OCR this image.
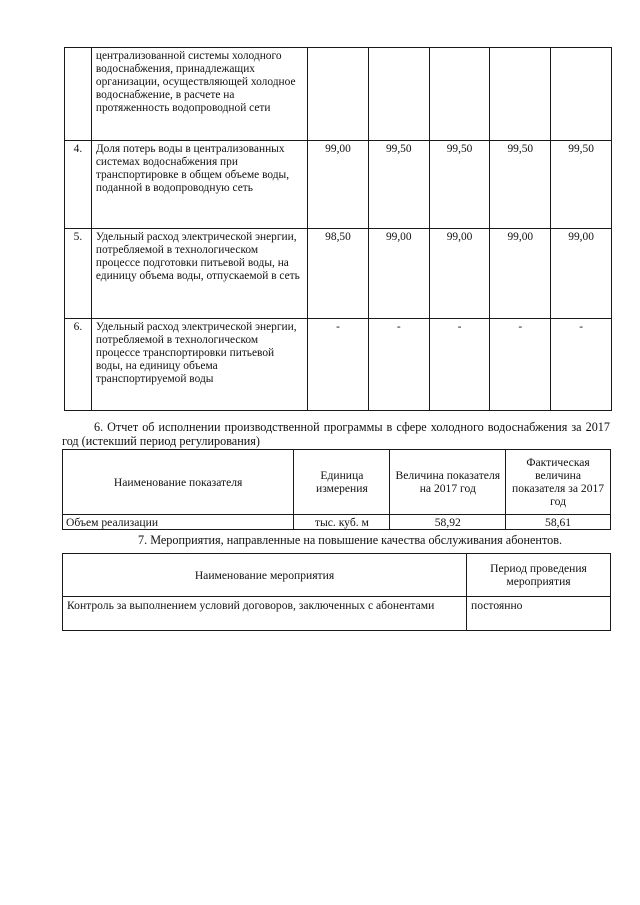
	централизованной системы холодного водоснабжения, принадлежащих организации, осуществляющей холодное водоснабжение, в расчете на протяженность водопроводной сети					
4.	Доля потерь воды в централизованных системах водоснабжения при транспортировке в общем объеме воды, поданной в водопроводную сеть	99,00	99,50	99,50	99,50	99,50
5.	Удельный расход электрической энергии, потребляемой в технологическом процессе подготовки питьевой воды, на единицу объема воды, отпускаемой в сеть	98,50	99,00	99,00	99,00	99,00
6.	Удельный расход электрической энергии, потребляемой в технологическом процессе транспортировки питьевой воды, на единицу объема транспортируемой воды	-	-	-	-	-
6. Отчет об исполнении производственной программы в сфере холодного водоснабжения за 2017 год (истекший период регулирования)
Наименование показателя	Единица измерения	Величина показателя на 2017 год	Фактическая величина показателя за 2017 год
Объем реализации	тыс. куб. м	58,92	58,61
7. Мероприятия, направленные на повышение качества обслуживания абонентов.
Наименование мероприятия	Период проведения мероприятия
Контроль за выполнением условий договоров, заключенных с абонентами	постоянно
